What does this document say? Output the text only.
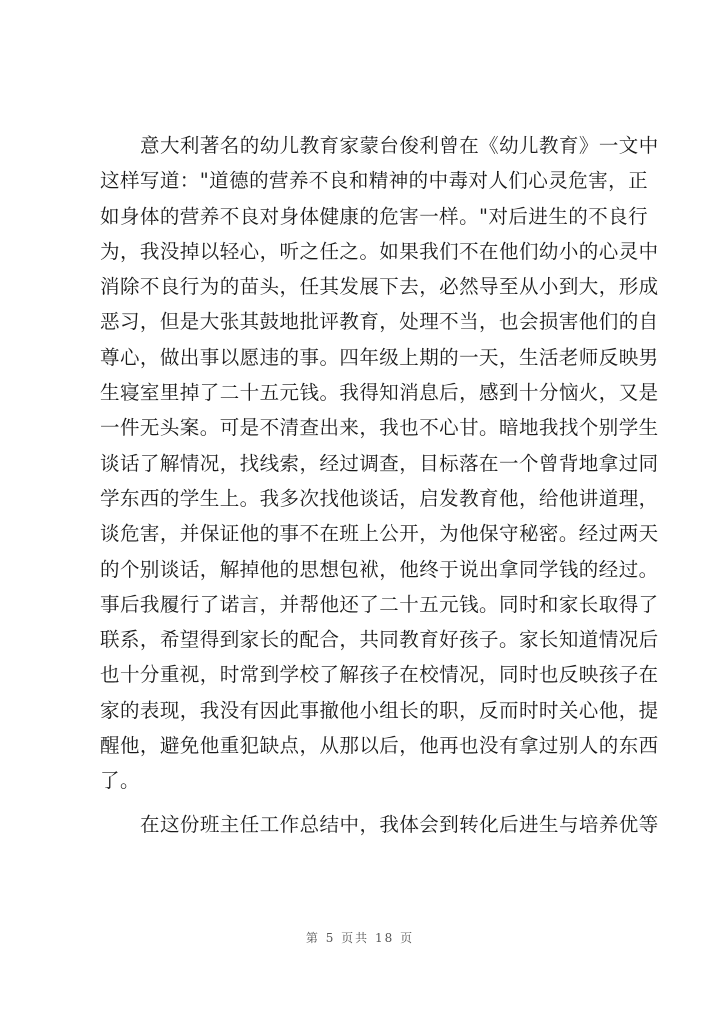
意大利著名的幼儿教育家蒙台俊利曾在《幼儿教育》一文中
这样写道："道德的营养不良和精神的中毒对人们心灵危害，正
如身体的营养不良对身体健康的危害一样。"对后进生的不良行
为，我没掉以轻心，听之任之。如果我们不在他们幼小的心灵中
消除不良行为的苗头，任其发展下去，必然导至从小到大，形成
恶习，但是大张其鼓地批评教育，处理不当，也会损害他们的自
尊心，做出事以愿违的事。四年级上期的一天，生活老师反映男
生寝室里掉了二十五元钱。我得知消息后，感到十分恼火，又是
一件无头案。可是不清查出来，我也不心甘。暗地我找个别学生
谈话了解情况，找线索，经过调查，目标落在一个曾背地拿过同
学东西的学生上。我多次找他谈话，启发教育他，给他讲道理，
谈危害，并保证他的事不在班上公开，为他保守秘密。经过两天
的个别谈话，解掉他的思想包袱，他终于说出拿同学钱的经过。
事后我履行了诺言，并帮他还了二十五元钱。同时和家长取得了
联系，希望得到家长的配合，共同教育好孩子。家长知道情况后
也十分重视，时常到学校了解孩子在校情况，同时也反映孩子在
家的表现，我没有因此事撤他小组长的职，反而时时关心他，提
醒他，避免他重犯缺点，从那以后，他再也没有拿过别人的东西
了。
在这份班主任工作总结中，我体会到转化后进生与培养优等
第 5 页共 18 页
